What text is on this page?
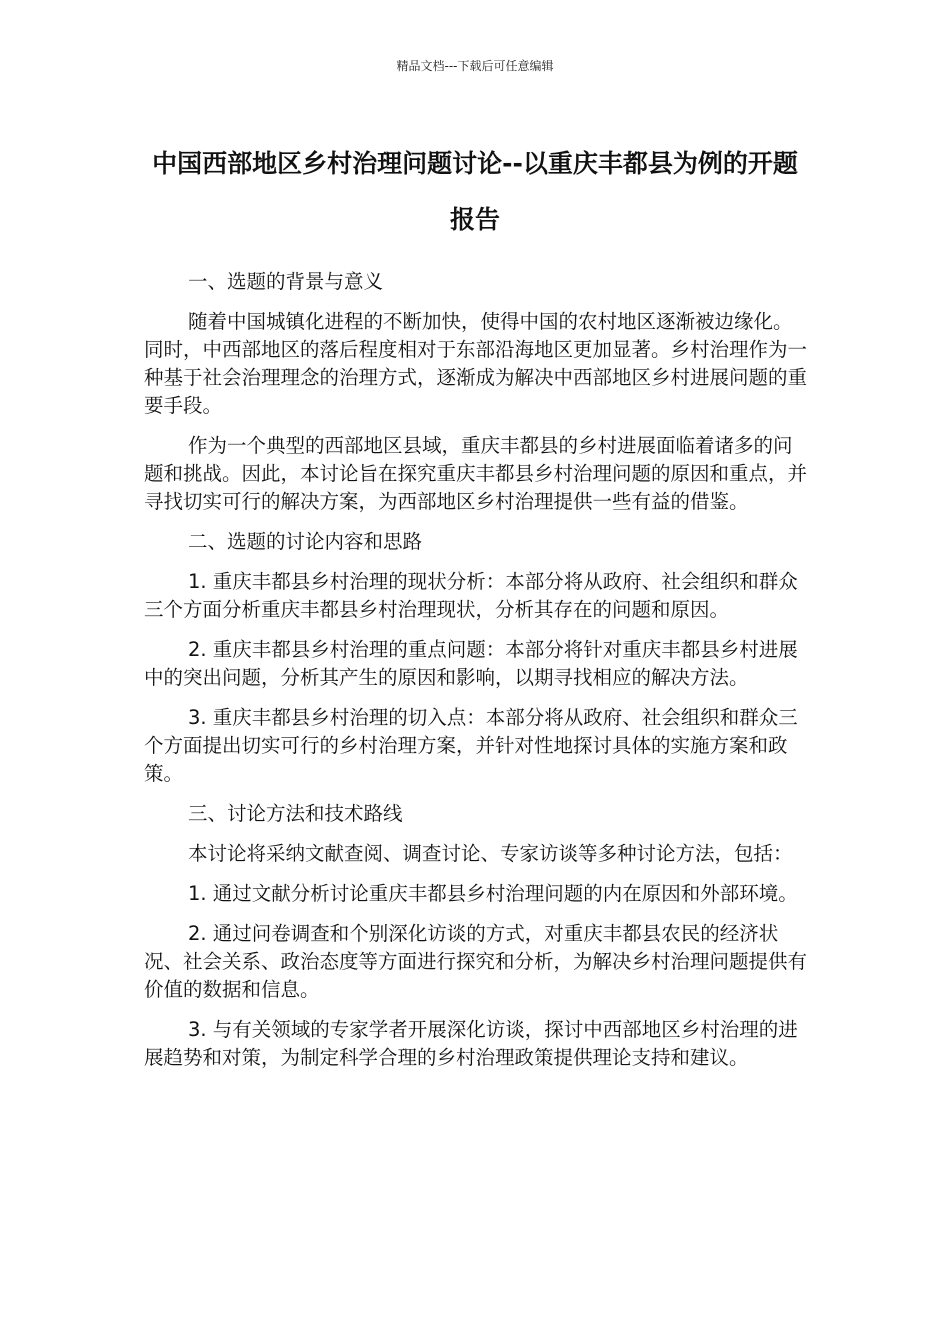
精品文档---下载后可任意编辑
中国西部地区乡村治理问题讨论--以重庆丰都县为例的开题报告

一、选题的背景与意义

随着中国城镇化进程的不断加快，使得中国的农村地区逐渐被边缘化。同时，中西部地区的落后程度相对于东部沿海地区更加显著。乡村治理作为一种基于社会治理理念的治理方式，逐渐成为解决中西部地区乡村进展问题的重要手段。

作为一个典型的西部地区县域，重庆丰都县的乡村进展面临着诸多的问题和挑战。因此，本讨论旨在探究重庆丰都县乡村治理问题的原因和重点，并寻找切实可行的解决方案，为西部地区乡村治理提供一些有益的借鉴。

二、选题的讨论内容和思路

1. 重庆丰都县乡村治理的现状分析：本部分将从政府、社会组织和群众三个方面分析重庆丰都县乡村治理现状，分析其存在的问题和原因。

2. 重庆丰都县乡村治理的重点问题：本部分将针对重庆丰都县乡村进展中的突出问题，分析其产生的原因和影响，以期寻找相应的解决方法。

3. 重庆丰都县乡村治理的切入点：本部分将从政府、社会组织和群众三个方面提出切实可行的乡村治理方案，并针对性地探讨具体的实施方案和政策。

三、讨论方法和技术路线

本讨论将采纳文献查阅、调查讨论、专家访谈等多种讨论方法，包括：

1. 通过文献分析讨论重庆丰都县乡村治理问题的内在原因和外部环境。

2. 通过问卷调查和个别深化访谈的方式，对重庆丰都县农民的经济状况、社会关系、政治态度等方面进行探究和分析，为解决乡村治理问题提供有价值的数据和信息。

3. 与有关领域的专家学者开展深化访谈，探讨中西部地区乡村治理的进展趋势和对策，为制定科学合理的乡村治理政策提供理论支持和建议。
